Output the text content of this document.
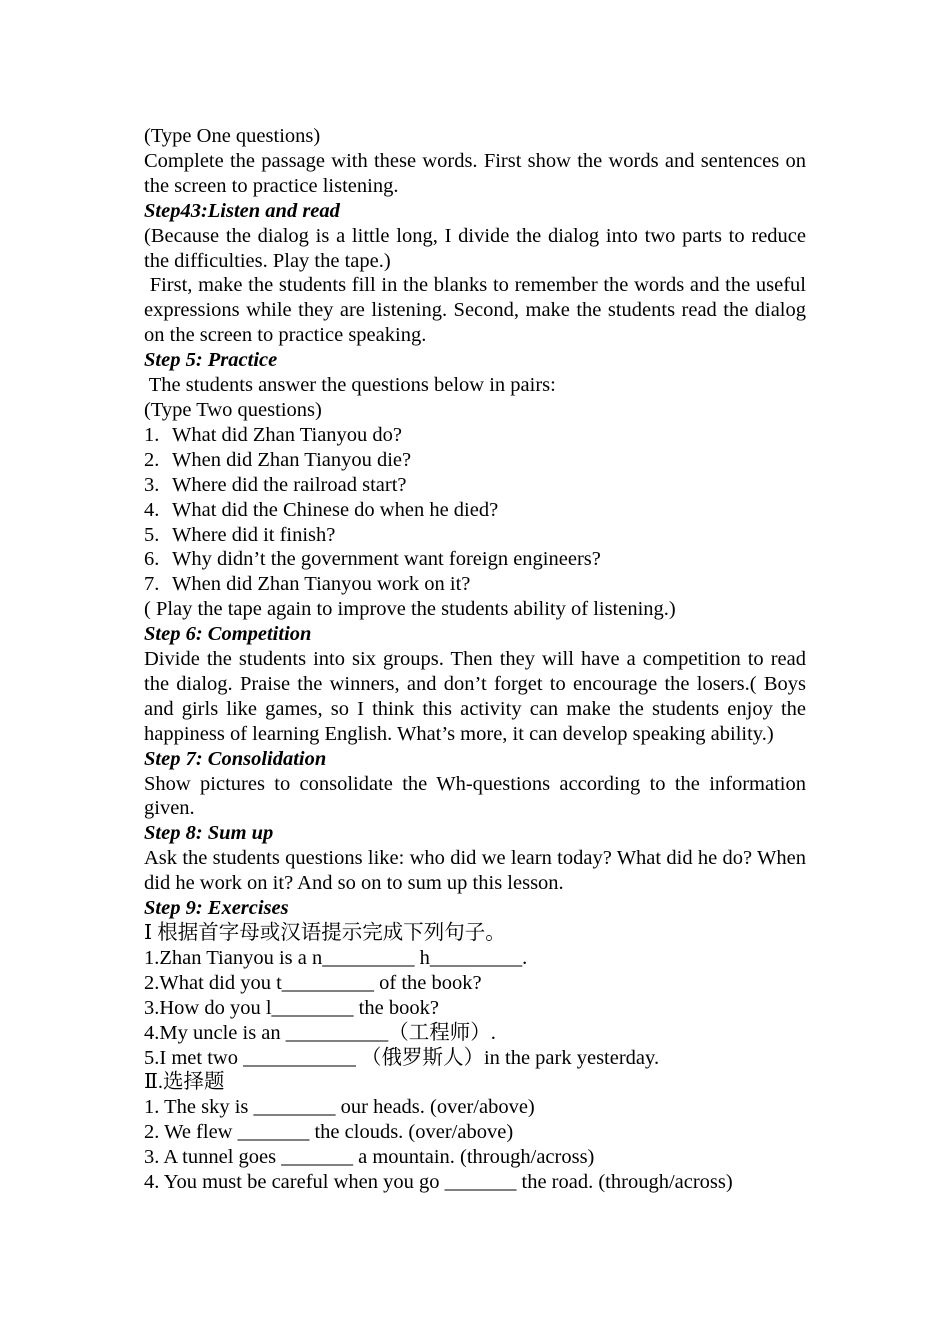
(Type One questions)
Complete the passage with these words. First show the words and sentences on the screen to practice listening.
Step43:Listen and read
(Because the dialog is a little long, I divide the dialog into two parts to reduce the difficulties. Play the tape.)
First, make the students fill in the blanks to remember the words and the useful expressions while they are listening. Second, make the students read the dialog on the screen to practice speaking.
Step 5: Practice
The students answer the questions below in pairs:
(Type Two questions)
1. What did Zhan Tianyou do?
2. When did Zhan Tianyou die?
3. Where did the railroad start?
4. What did the Chinese do when he died?
5. Where did it finish?
6. Why didn’t the government want foreign engineers?
7. When did Zhan Tianyou work on it?
( Play the tape again to improve the students ability of listening.)
Step 6: Competition
Divide the students into six groups. Then they will have a competition to read the dialog. Praise the winners, and don’t forget to encourage the losers.( Boys and girls like games, so I think this activity can make the students enjoy the happiness of learning English. What’s more, it can develop speaking ability.)
Step 7: Consolidation
Show pictures to consolidate the Wh-questions according to the information given.
Step 8: Sum up
Ask the students questions like: who did we learn today? What did he do? When did he work on it? And so on to sum up this lesson.
Step 9: Exercises
Ⅰ 根据首字母或汉语提示完成下列句子。
1.Zhan Tianyou is a n_________ h_________.
2.What did you t_________ of the book?
3.How do you l________ the book?
4.My uncle is an __________（工程师）.
5.I met two ___________ （俄罗斯人）in the park yesterday.
Ⅱ.选择题
1. The sky is ________ our heads. (over/above)
2. We flew _______ the clouds. (over/above)
3. A tunnel goes _______ a mountain. (through/across)
4. You must be careful when you go _______ the road. (through/across)
